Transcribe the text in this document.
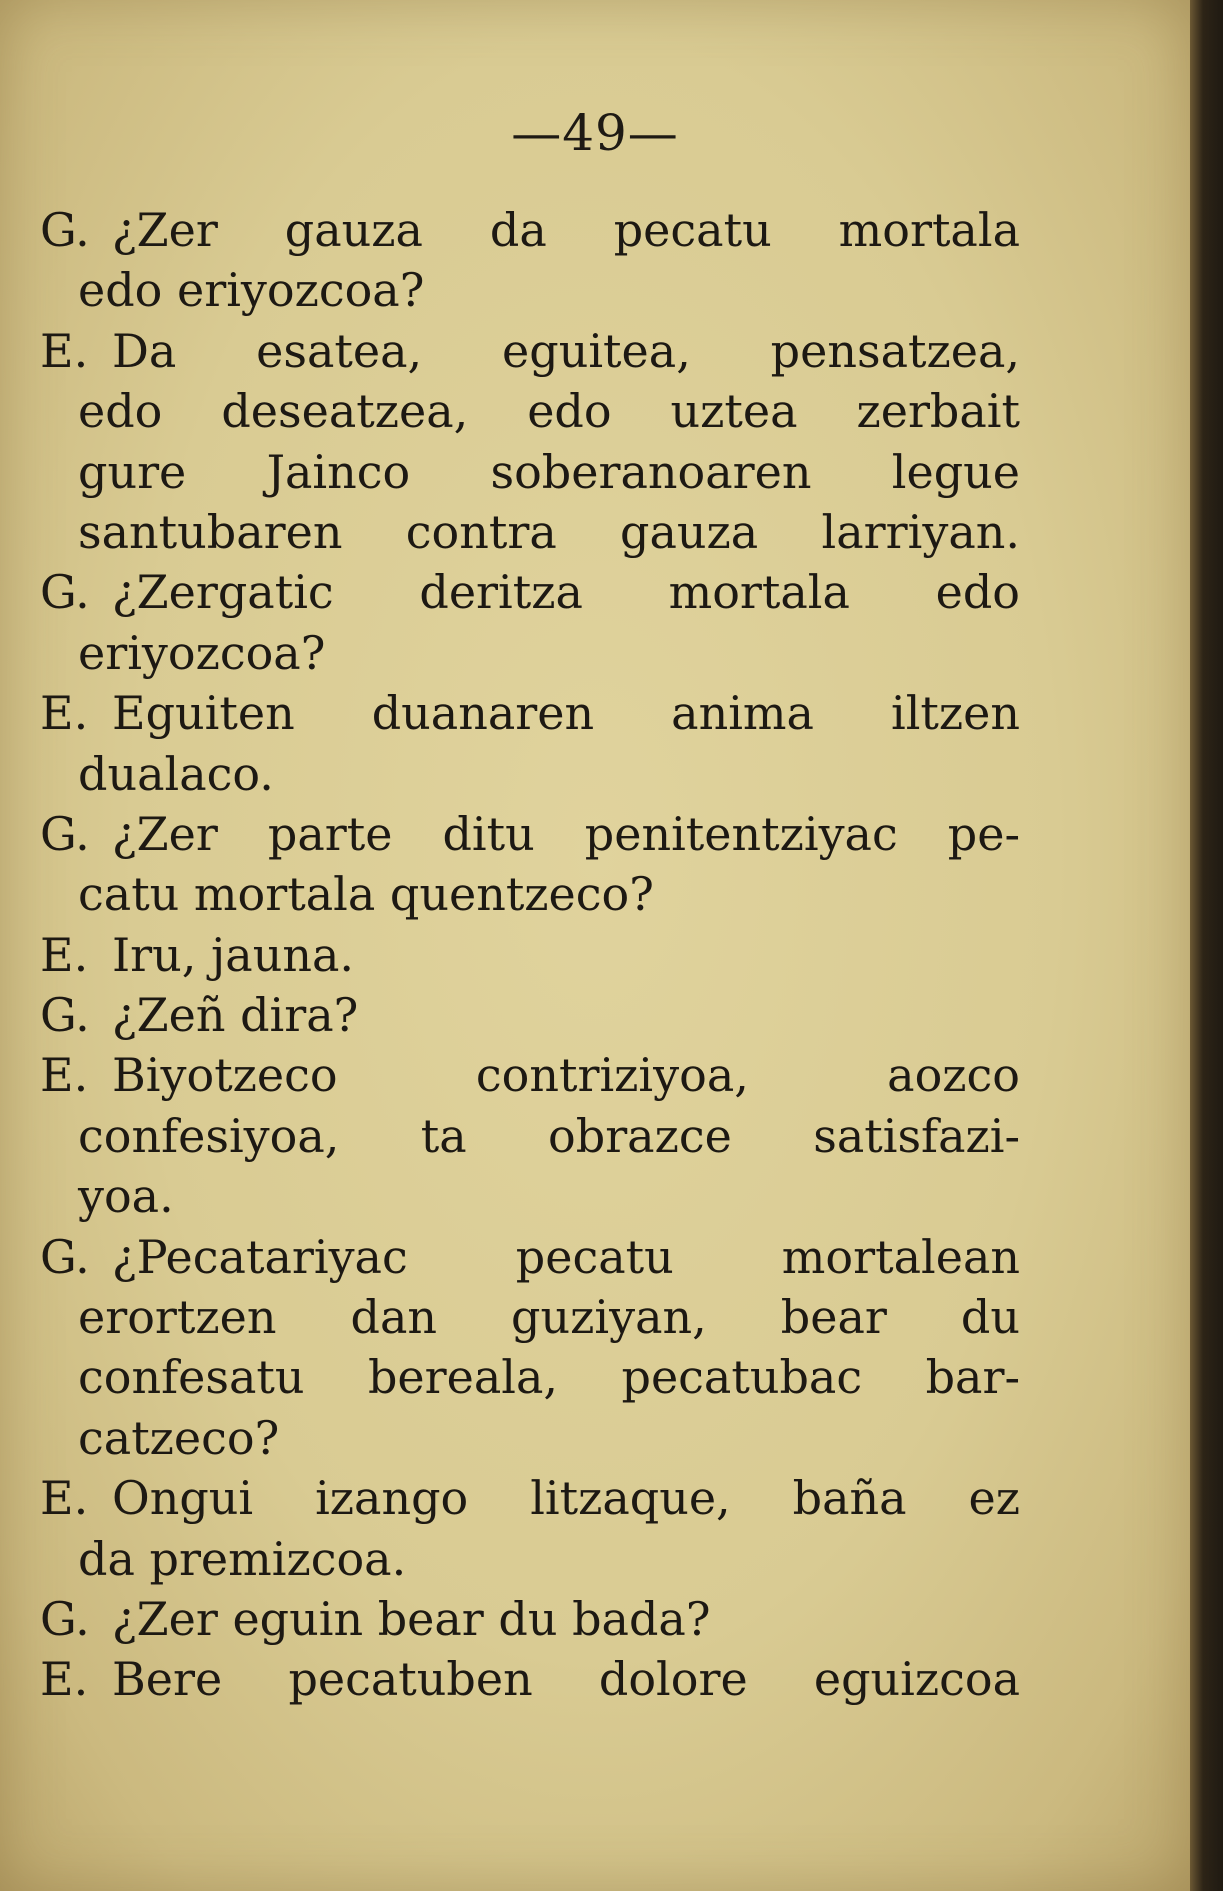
—49—
G. ¿Zer gauza da pecatu mortala
edo eriyozcoa?
E. Da esatea, eguitea, pensatzea,
edo deseatzea, edo uztea zerbait
gure Jainco soberanoaren legue
santubaren contra gauza larriyan.
G. ¿Zergatic deritza mortala edo
eriyozcoa?
E. Eguiten duanaren anima iltzen
dualaco.
G. ¿Zer parte ditu penitentziyac pe-
catu mortala quentzeco?
E. Iru, jauna.
G. ¿Zeñ dira?
E. Biyotzeco contriziyoa, aozco
confesiyoa, ta obrazce satisfazi-
yoa.
G. ¿Pecatariyac pecatu mortalean
erortzen dan guziyan, bear du
confesatu bereala, pecatubac bar-
catzeco?
E. Ongui izango litzaque, baña ez
da premizcoa.
G. ¿Zer eguin bear du bada?
E. Bere pecatuben dolore eguizcoa
